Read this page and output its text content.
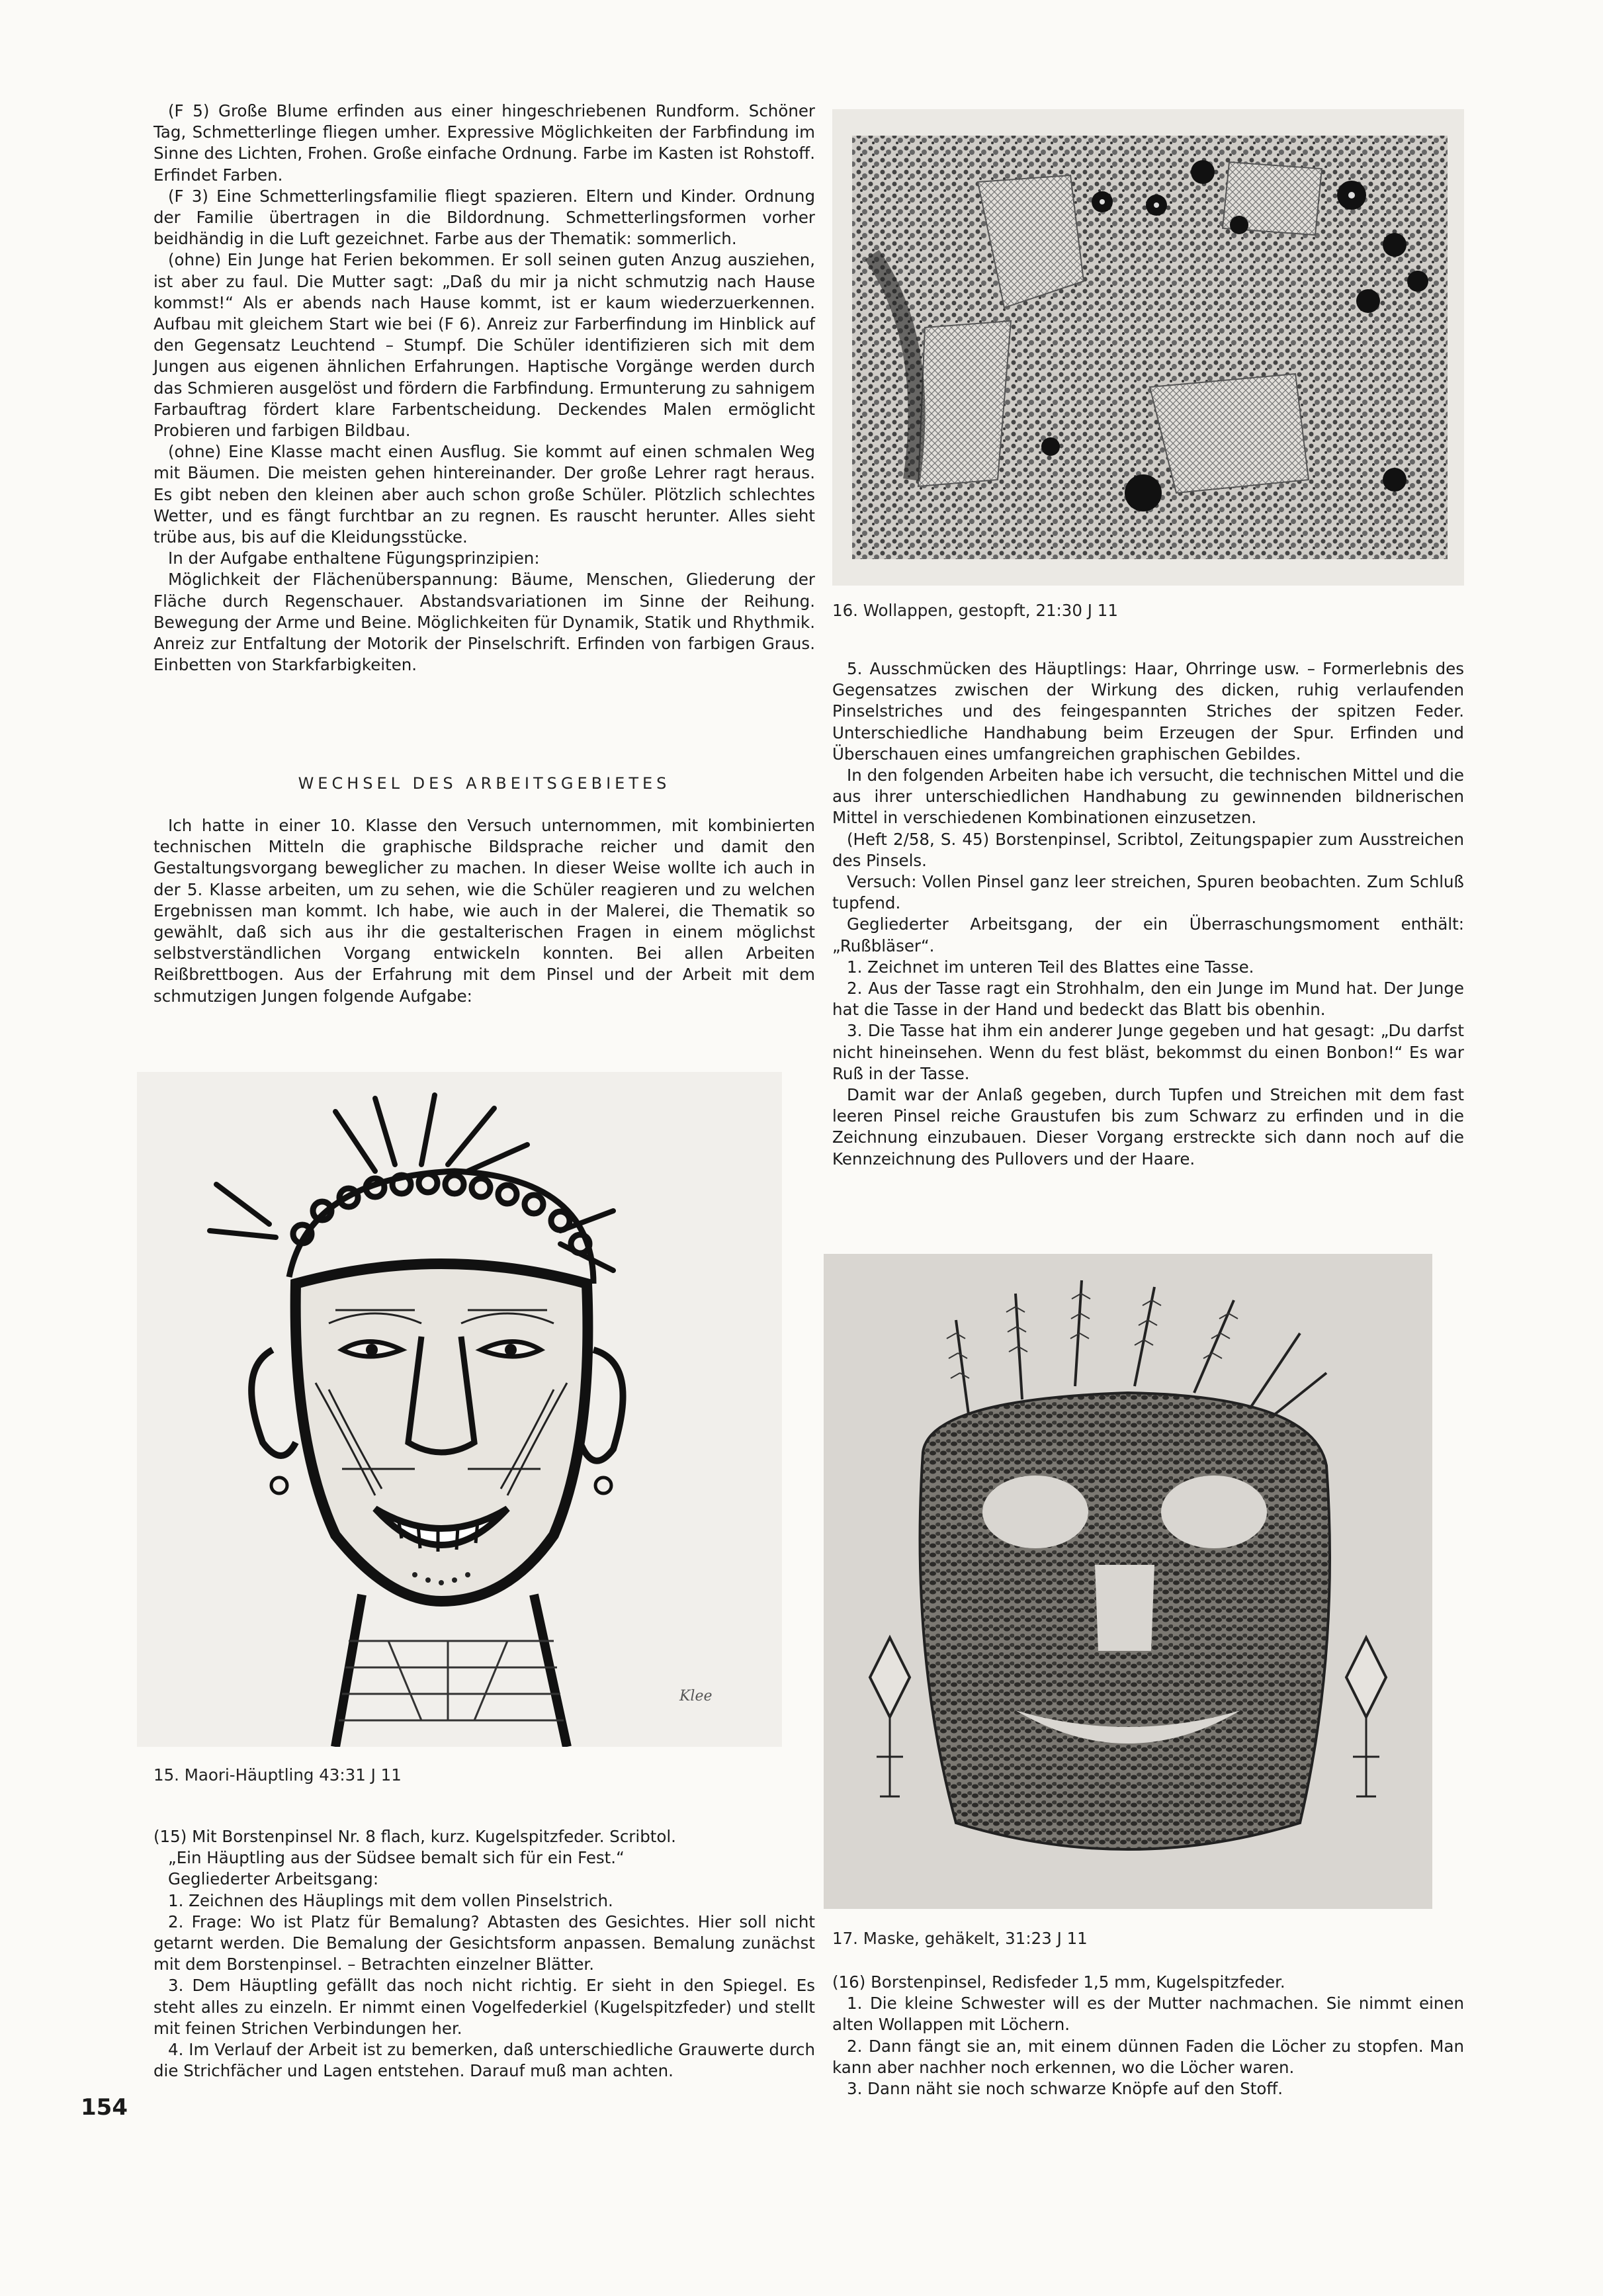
(F 5) Große Blume erfinden aus einer hingeschriebenen Rundform. Schöner Tag, Schmetterlinge fliegen umher. Expressive Möglichkeiten der Farbfindung im Sinne des Lichten, Frohen. Große einfache Ordnung. Farbe im Kasten ist Rohstoff. Erfindet Farben.

(F 3) Eine Schmetterlingsfamilie fliegt spazieren. Eltern und Kinder. Ordnung der Familie übertragen in die Bildordnung. Schmetterlingsformen vorher beidhändig in die Luft gezeichnet. Farbe aus der Thematik: sommerlich.

(ohne) Ein Junge hat Ferien bekommen. Er soll seinen guten Anzug ausziehen, ist aber zu faul. Die Mutter sagt: „Daß du mir ja nicht schmutzig nach Hause kommst!“ Als er abends nach Hause kommt, ist er kaum wiederzuerkennen. Aufbau mit gleichem Start wie bei (F 6). Anreiz zur Farberfindung im Hinblick auf den Gegensatz Leuchtend – Stumpf. Die Schüler identifizieren sich mit dem Jungen aus eigenen ähnlichen Erfahrungen. Haptische Vorgänge werden durch das Schmieren ausgelöst und fördern die Farbfindung. Ermunterung zu sahnigem Farbauftrag fördert klare Farbentscheidung. Deckendes Malen ermöglicht Probieren und farbigen Bildbau.

(ohne) Eine Klasse macht einen Ausflug. Sie kommt auf einen schmalen Weg mit Bäumen. Die meisten gehen hintereinander. Der große Lehrer ragt heraus. Es gibt neben den kleinen aber auch schon große Schüler. Plötzlich schlechtes Wetter, und es fängt furchtbar an zu regnen. Es rauscht herunter. Alles sieht trübe aus, bis auf die Kleidungsstücke.

In der Aufgabe enthaltene Fügungsprinzipien:

Möglichkeit der Flächenüberspannung: Bäume, Menschen, Gliederung der Fläche durch Regenschauer. Abstandsvariationen im Sinne der Reihung. Bewegung der Arme und Beine. Möglichkeiten für Dynamik, Statik und Rhythmik. Anreiz zur Entfaltung der Motorik der Pinselschrift. Erfinden von farbigen Graus. Einbetten von Starkfarbigkeiten.

WECHSEL DES ARBEITSGEBIETES

Ich hatte in einer 10. Klasse den Versuch unternommen, mit kombinierten technischen Mitteln die graphische Bildsprache reicher und damit den Gestaltungsvorgang beweglicher zu machen. In dieser Weise wollte ich auch in der 5. Klasse arbeiten, um zu sehen, wie die Schüler reagieren und zu welchen Ergebnissen man kommt. Ich habe, wie auch in der Malerei, die Thematik so gewählt, daß sich aus ihr die gestalterischen Fragen in einem möglichst selbstverständlichen Vorgang entwickeln konnten. Bei allen Arbeiten Reißbrettbogen. Aus der Erfahrung mit dem Pinsel und der Arbeit mit dem schmutzigen Jungen folgende Aufgabe:

Klee
15. Maori-Häuptling 43:31 J 11

(15) Mit Borstenpinsel Nr. 8 flach, kurz. Kugelspitzfeder. Scribtol.

„Ein Häuptling aus der Südsee bemalt sich für ein Fest.“

Gegliederter Arbeitsgang:

1. Zeichnen des Häuplings mit dem vollen Pinselstrich.

2. Frage: Wo ist Platz für Bemalung? Abtasten des Gesichtes. Hier soll nicht getarnt werden. Die Bemalung der Gesichtsform anpassen. Bemalung zunächst mit dem Borstenpinsel. – Betrachten einzelner Blätter.

3. Dem Häuptling gefällt das noch nicht richtig. Er sieht in den Spiegel. Es steht alles zu einzeln. Er nimmt einen Vogelfederkiel (Kugelspitzfeder) und stellt mit feinen Strichen Verbindungen her.

4. Im Verlauf der Arbeit ist zu bemerken, daß unterschiedliche Grauwerte durch die Strichfächer und Lagen entstehen. Darauf muß man achten.

16. Wollappen, gestopft, 21:30 J 11

5. Ausschmücken des Häuptlings: Haar, Ohrringe usw. – Formerlebnis des Gegensatzes zwischen der Wirkung des dicken, ruhig verlaufenden Pinselstriches und des feingespannten Striches der spitzen Feder. Unterschiedliche Handhabung beim Erzeugen der Spur. Erfinden und Überschauen eines umfangreichen graphischen Gebildes.

In den folgenden Arbeiten habe ich versucht, die technischen Mittel und die aus ihrer unterschiedlichen Handhabung zu gewinnenden bildnerischen Mittel in verschiedenen Kombinationen einzusetzen.

(Heft 2/58, S. 45) Borstenpinsel, Scribtol, Zeitungspapier zum Ausstreichen des Pinsels.

Versuch: Vollen Pinsel ganz leer streichen, Spuren beobachten. Zum Schluß tupfend.

Gegliederter Arbeitsgang, der ein Überraschungsmoment enthält: „Rußbläser“.

1. Zeichnet im unteren Teil des Blattes eine Tasse.

2. Aus der Tasse ragt ein Strohhalm, den ein Junge im Mund hat. Der Junge hat die Tasse in der Hand und bedeckt das Blatt bis obenhin.

3. Die Tasse hat ihm ein anderer Junge gegeben und hat gesagt: „Du darfst nicht hineinsehen. Wenn du fest bläst, bekommst du einen Bonbon!“ Es war Ruß in der Tasse.

Damit war der Anlaß gegeben, durch Tupfen und Streichen mit dem fast leeren Pinsel reiche Graustufen bis zum Schwarz zu erfinden und in die Zeichnung einzubauen. Dieser Vorgang erstreckte sich dann noch auf die Kennzeichnung des Pullovers und der Haare.

17. Maske, gehäkelt, 31:23 J 11

(16) Borstenpinsel, Redisfeder 1,5 mm, Kugelspitzfeder.

1. Die kleine Schwester will es der Mutter nachmachen. Sie nimmt einen alten Wollappen mit Löchern.

2. Dann fängt sie an, mit einem dünnen Faden die Löcher zu stopfen. Man kann aber nachher noch erkennen, wo die Löcher waren.

3. Dann näht sie noch schwarze Knöpfe auf den Stoff.

154
